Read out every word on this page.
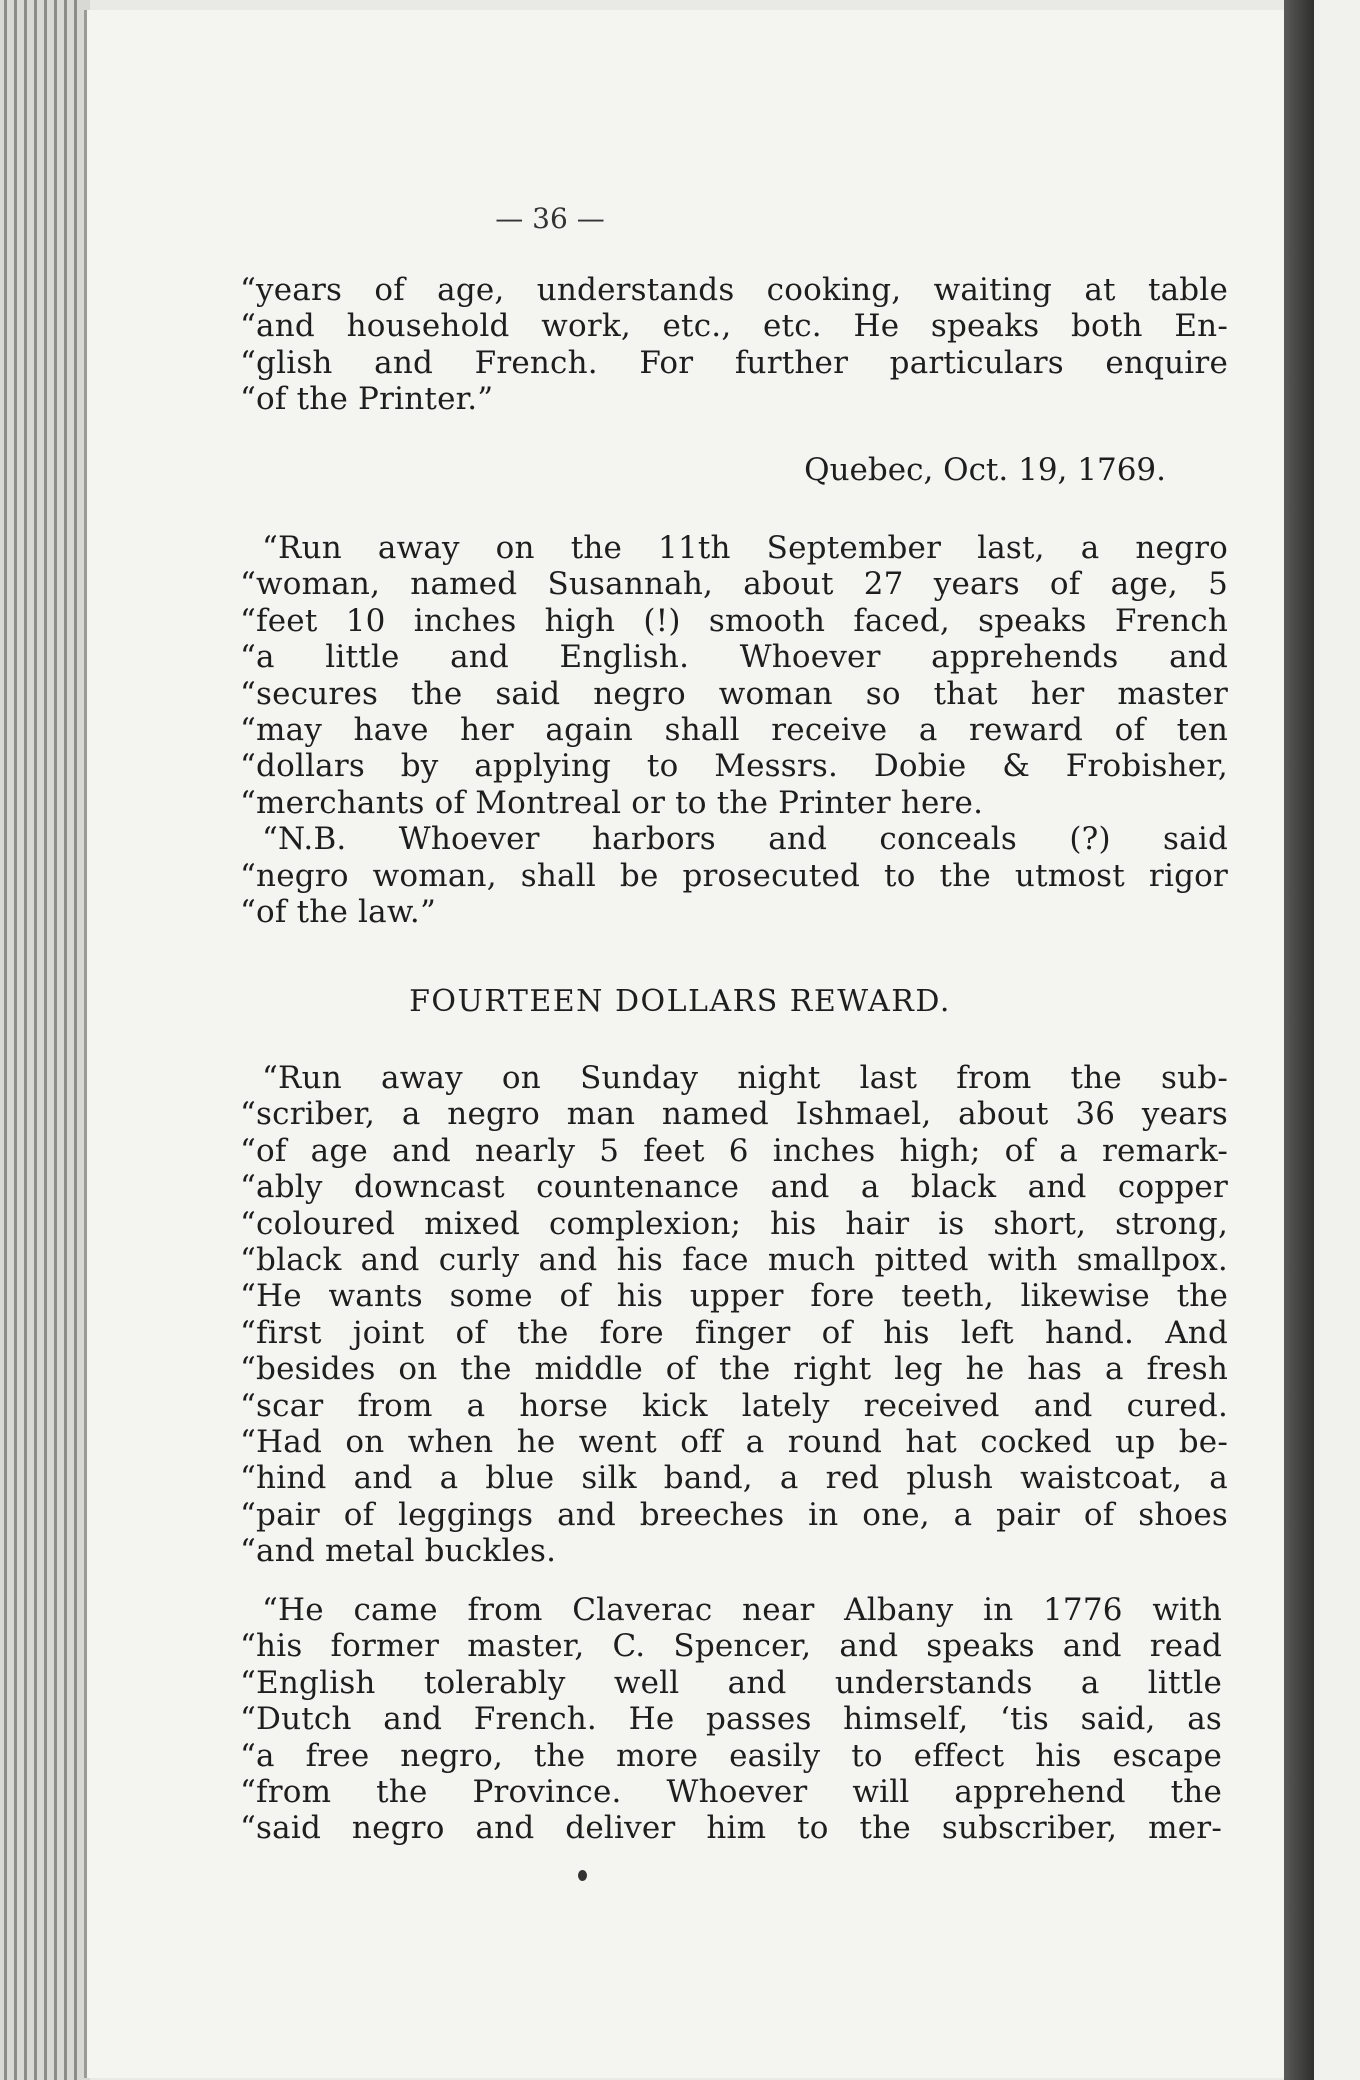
— 36 —
“years of age, understands cooking, waiting at table
“and household work, etc., etc. He speaks both En-
“glish and French. For further particulars enquire
“of the Printer.”
Quebec, Oct. 19, 1769.
“Run away on the 11th September last, a negro
“woman, named Susannah, about 27 years of age, 5
“feet 10 inches high (!) smooth faced, speaks French
“a little and English. Whoever apprehends and
“secures the said negro woman so that her master
“may have her again shall receive a reward of ten
“dollars by applying to Messrs. Dobie & Frobisher,
“merchants of Montreal or to the Printer here.
“N.B. Whoever harbors and conceals (?) said
“negro woman, shall be prosecuted to the utmost rigor
“of the law.”
FOURTEEN DOLLARS REWARD.
“Run away on Sunday night last from the sub-
“scriber, a negro man named Ishmael, about 36 years
“of age and nearly 5 feet 6 inches high; of a remark-
“ably downcast countenance and a black and copper
“coloured mixed complexion; his hair is short, strong,
“black and curly and his face much pitted with smallpox.
“He wants some of his upper fore teeth, likewise the
“first joint of the fore finger of his left hand. And
“besides on the middle of the right leg he has a fresh
“scar from a horse kick lately received and cured.
“Had on when he went off a round hat cocked up be-
“hind and a blue silk band, a red plush waistcoat, a
“pair of leggings and breeches in one, a pair of shoes
“and metal buckles.
“He came from Claverac near Albany in 1776 with
“his former master, C. Spencer, and speaks and read
“English tolerably well and understands a little
“Dutch and French. He passes himself, ‘tis said, as
“a free negro, the more easily to effect his escape
“from the Province. Whoever will apprehend the
“said negro and deliver him to the subscriber, mer-
